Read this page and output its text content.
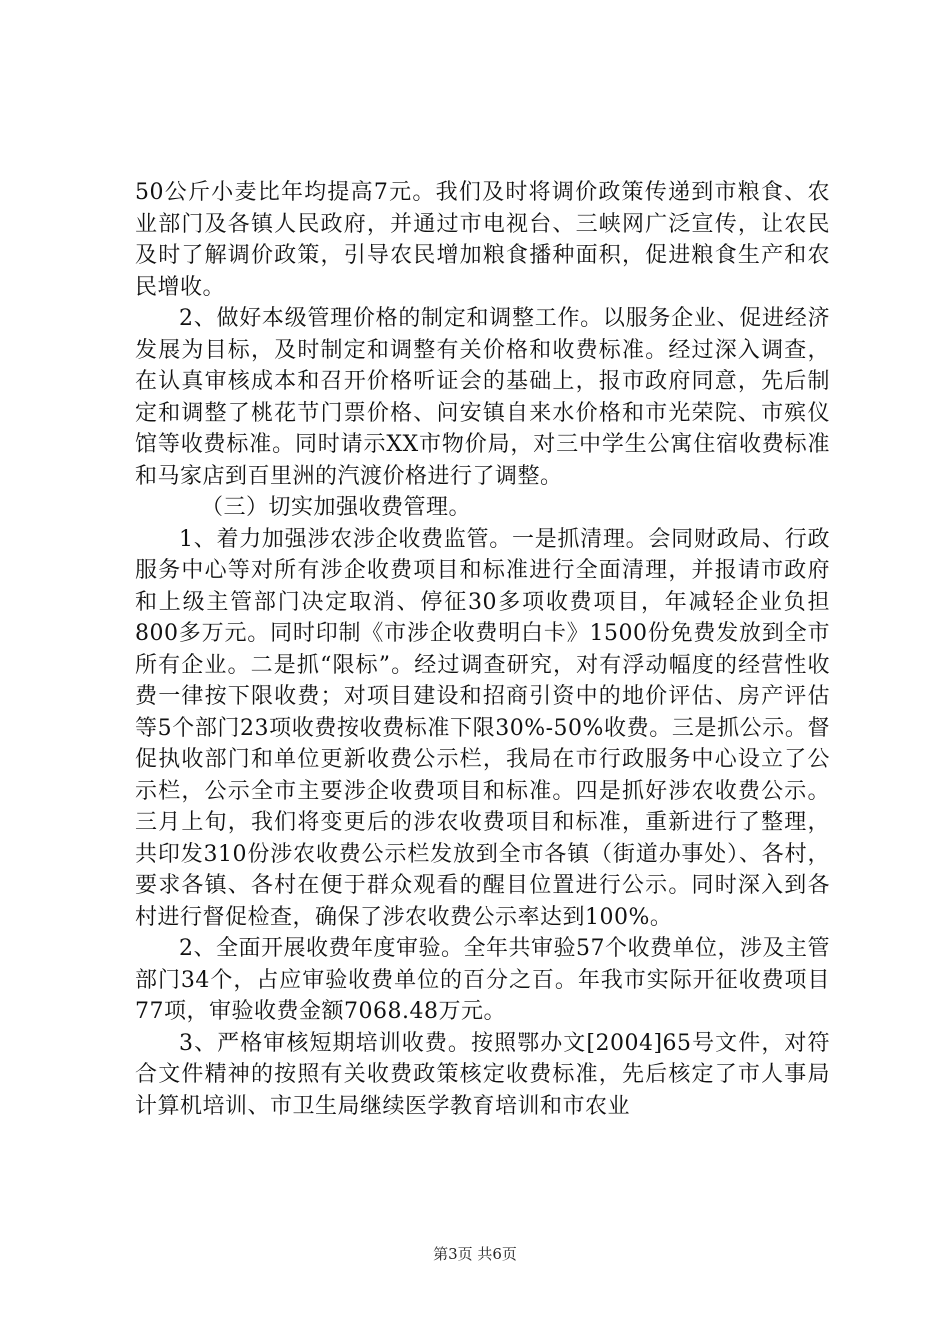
50公斤小麦比年均提高7元。我们及时将调价政策传递到市粮食、农业部门及各镇人民政府，并通过市电视台、三峡网广泛宣传，让农民及时了解调价政策，引导农民增加粮食播种面积，促进粮食生产和农民增收。

2、做好本级管理价格的制定和调整工作。以服务企业、促进经济发展为目标，及时制定和调整有关价格和收费标准。经过深入调查，在认真审核成本和召开价格听证会的基础上，报市政府同意，先后制定和调整了桃花节门票价格、问安镇自来水价格和市光荣院、市殡仪馆等收费标准。同时请示XX市物价局，对三中学生公寓住宿收费标准和马家店到百里洲的汽渡价格进行了调整。

（三）切实加强收费管理。

1、着力加强涉农涉企收费监管。一是抓清理。会同财政局、行政服务中心等对所有涉企收费项目和标准进行全面清理，并报请市政府和上级主管部门决定取消、停征30多项收费项目，年减轻企业负担800多万元。同时印制《市涉企收费明白卡》1500份免费发放到全市所有企业。二是抓“限标”。经过调查研究，对有浮动幅度的经营性收费一律按下限收费；对项目建设和招商引资中的地价评估、房产评估等5个部门23项收费按收费标准下限30%-50%收费。三是抓公示。督促执收部门和单位更新收费公示栏，我局在市行政服务中心设立了公示栏，公示全市主要涉企收费项目和标准。四是抓好涉农收费公示。三月上旬，我们将变更后的涉农收费项目和标准，重新进行了整理，共印发310份涉农收费公示栏发放到全市各镇（街道办事处）、各村，要求各镇、各村在便于群众观看的醒目位置进行公示。同时深入到各村进行督促检查，确保了涉农收费公示率达到100%。

2、全面开展收费年度审验。全年共审验57个收费单位，涉及主管部门34个，占应审验收费单位的百分之百。年我市实际开征收费项目77项，审验收费金额7068.48万元。

3、严格审核短期培训收费。按照鄂办文[2004]65号文件，对符合文件精神的按照有关收费政策核定收费标准，先后核定了市人事局计算机培训、市卫生局继续医学教育培训和市农业

第3页 共6页
